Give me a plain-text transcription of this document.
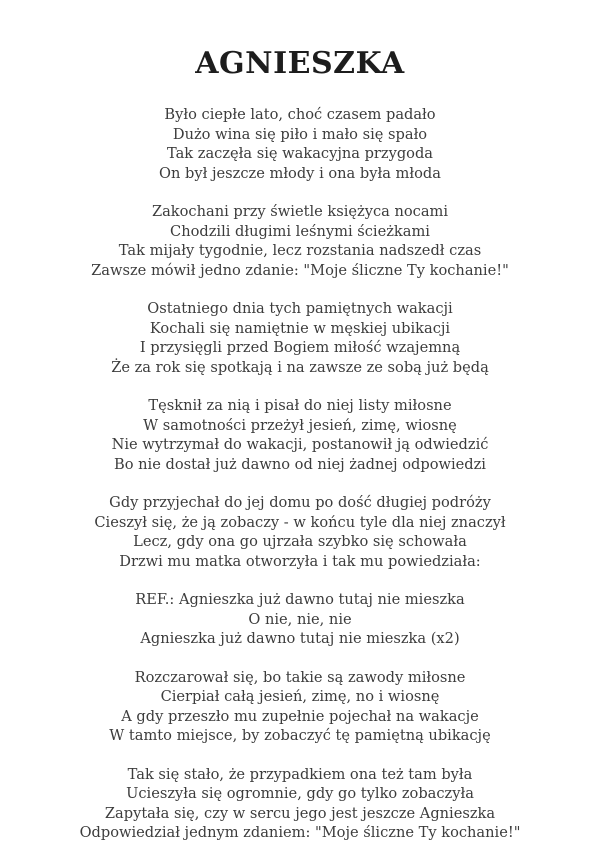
AGNIESZKA

Było ciepłe lato, choć czasem padało

Dużo wina się piło i mało się spało

Tak zaczęła się wakacyjna przygoda

On był jeszcze młody i ona była młoda

Zakochani przy świetle księżyca nocami

Chodzili długimi leśnymi ścieżkami

Tak mijały tygodnie, lecz rozstania nadszedł czas

Zawsze mówił jedno zdanie: "Moje śliczne Ty kochanie!"

Ostatniego dnia tych pamiętnych wakacji

Kochali się namiętnie w męskiej ubikacji

I przysięgli przed Bogiem miłość wzajemną

Że za rok się spotkają i na zawsze ze sobą już będą

Tęsknił za nią i pisał do niej listy miłosne

W samotności przeżył jesień, zimę, wiosnę

Nie wytrzymał do wakacji, postanowił ją odwiedzić

Bo nie dostał już dawno od niej żadnej odpowiedzi

Gdy przyjechał do jej domu po dość długiej podróży

Cieszył się, że ją zobaczy - w końcu tyle dla niej znaczył

Lecz, gdy ona go ujrzała szybko się schowała

Drzwi mu matka otworzyła i tak mu powiedziała:

REF.: Agnieszka już dawno tutaj nie mieszka

O nie, nie, nie

Agnieszka już dawno tutaj nie mieszka (x2)

Rozczarował się, bo takie są zawody miłosne

Cierpiał całą jesień, zimę, no i wiosnę

A gdy przeszło mu zupełnie pojechał na wakacje

W tamto miejsce, by zobaczyć tę pamiętną ubikację

Tak się stało, że przypadkiem ona też tam była

Ucieszyła się ogromnie, gdy go tylko zobaczyła

Zapytała się, czy w sercu jego jest jeszcze Agnieszka

Odpowiedział jednym zdaniem: "Moje śliczne Ty kochanie!"
